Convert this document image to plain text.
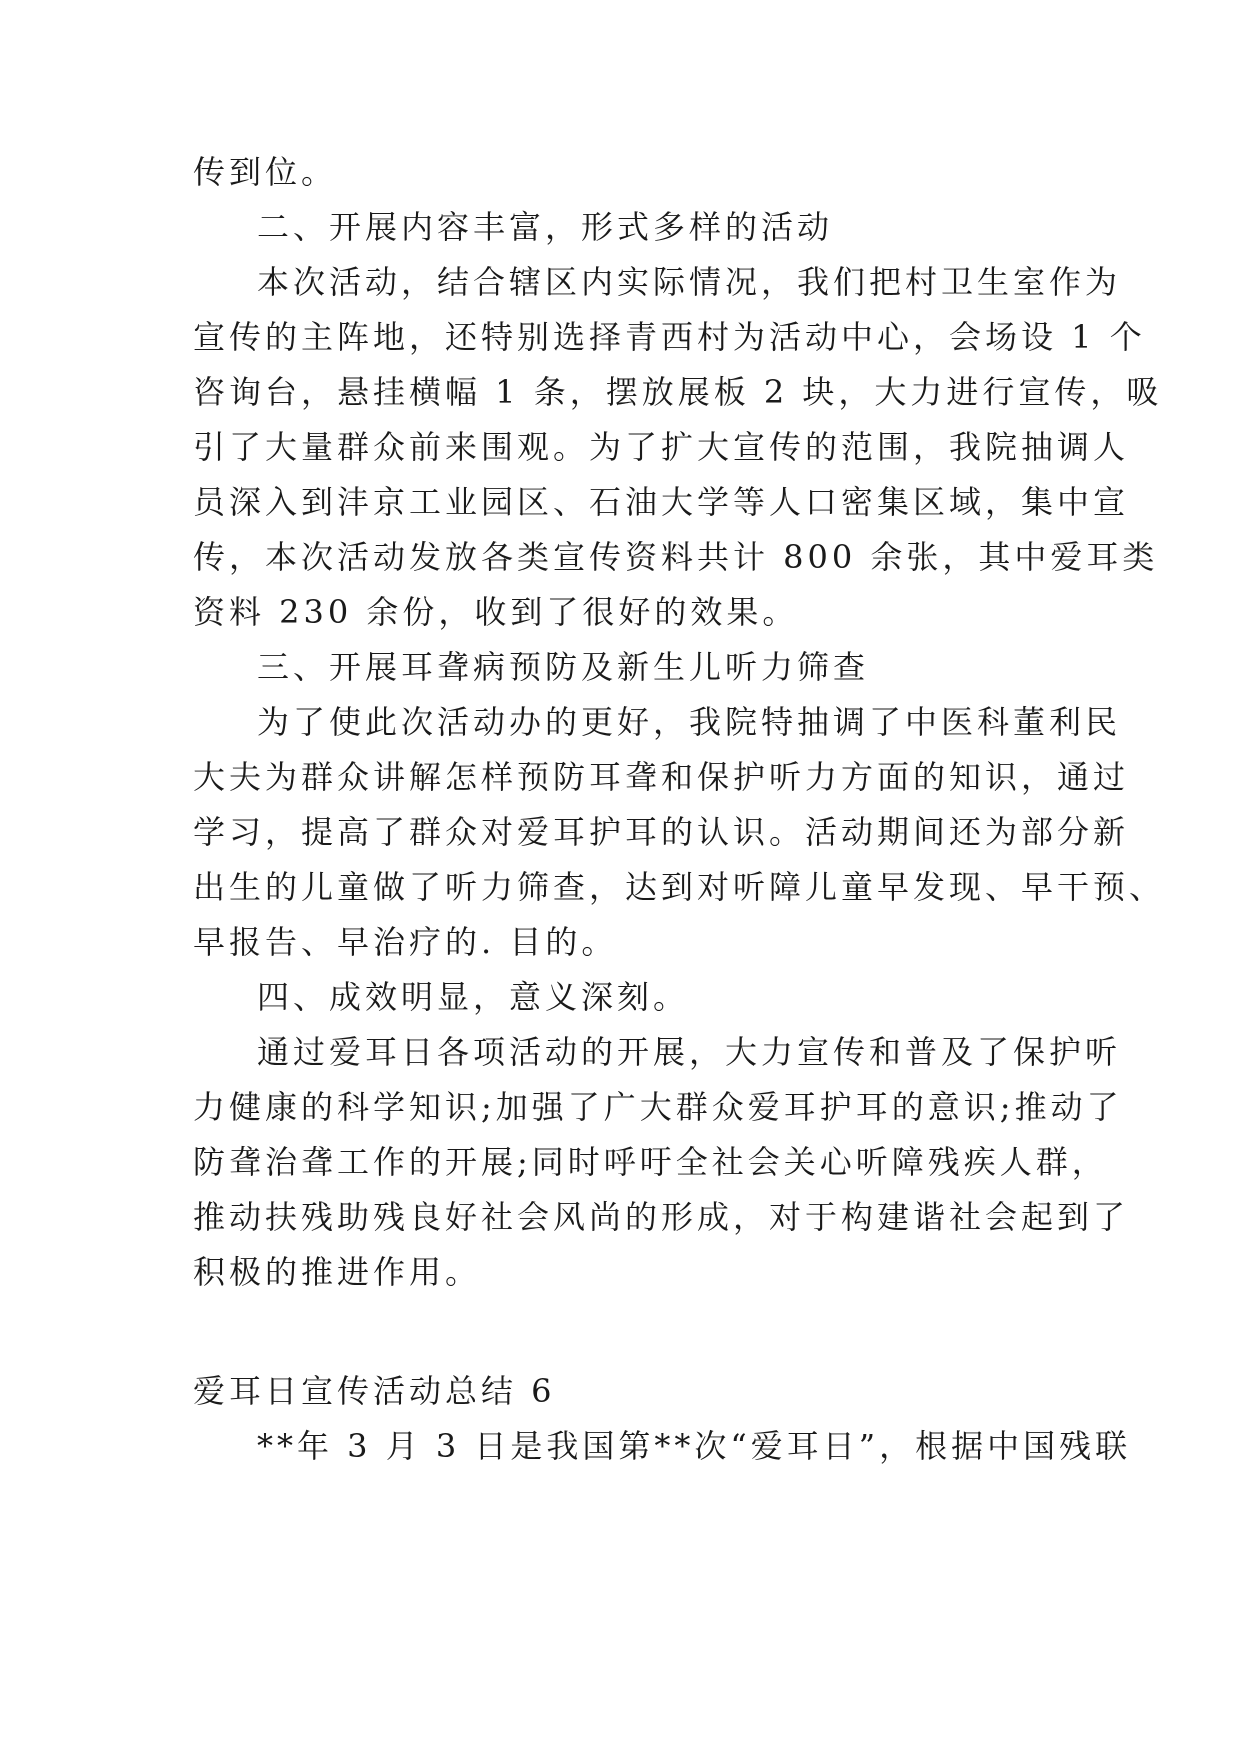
传到位。
二、开展内容丰富，形式多样的活动
本次活动，结合辖区内实际情况，我们把村卫生室作为
宣传的主阵地，还特别选择青西村为活动中心，会场设 1 个
咨询台，悬挂横幅 1 条，摆放展板 2 块，大力进行宣传，吸
引了大量群众前来围观。为了扩大宣传的范围，我院抽调人
员深入到沣京工业园区、石油大学等人口密集区域，集中宣
传，本次活动发放各类宣传资料共计 800 余张，其中爱耳类
资料 230 余份，收到了很好的效果。
三、开展耳聋病预防及新生儿听力筛查
为了使此次活动办的更好，我院特抽调了中医科董利民
大夫为群众讲解怎样预防耳聋和保护听力方面的知识，通过
学习，提高了群众对爱耳护耳的认识。活动期间还为部分新
出生的儿童做了听力筛查，达到对听障儿童早发现、早干预、
早报告、早治疗的. 目的。
四、成效明显，意义深刻。
通过爱耳日各项活动的开展，大力宣传和普及了保护听
力健康的科学知识;加强了广大群众爱耳护耳的意识;推动了
防聋治聋工作的开展;同时呼吁全社会关心听障残疾人群，
推动扶残助残良好社会风尚的形成，对于构建谐社会起到了
积极的推进作用。
爱耳日宣传活动总结 6
**年 3 月 3 日是我国第**次“爱耳日”，根据中国残联
